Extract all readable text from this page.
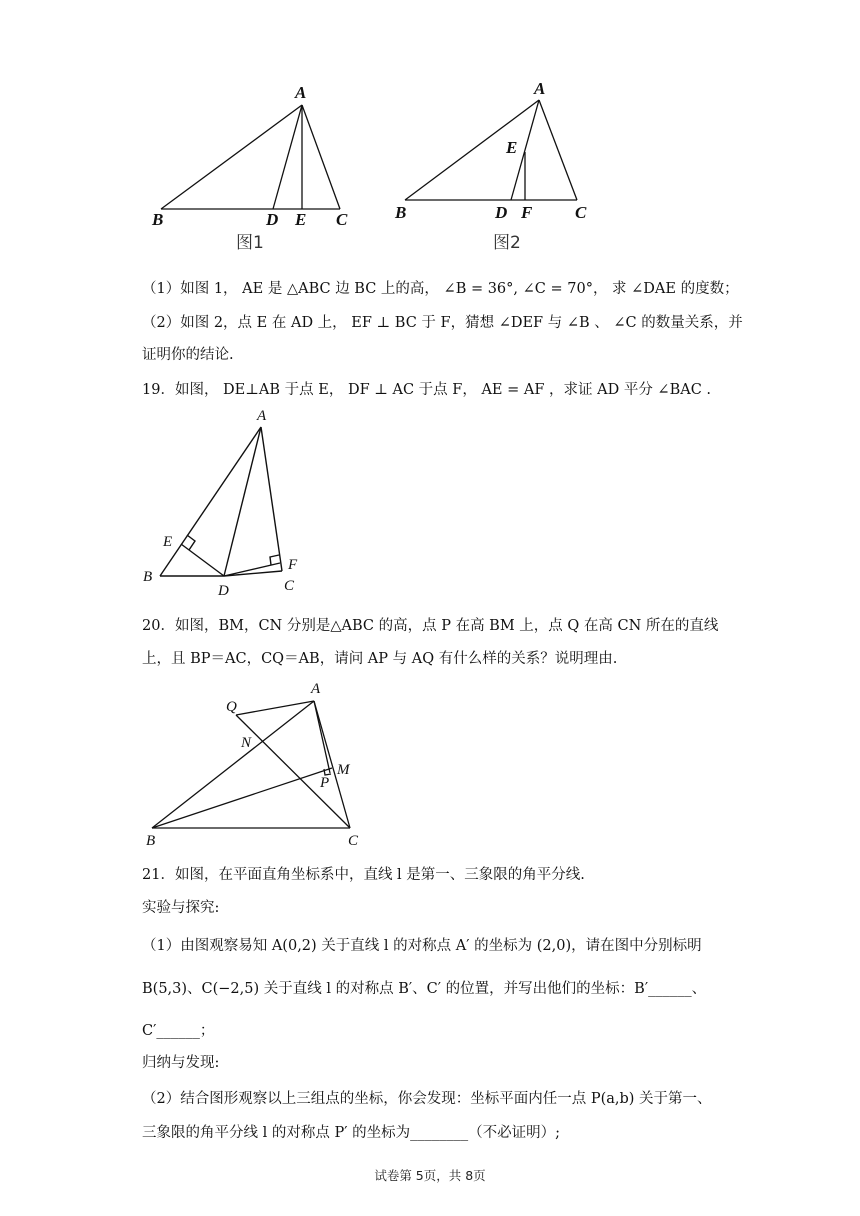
A
B	D E C
图1
A
E
B	D F	C
图2
（1）如图 1， AE 是 △ABC 边 BC 上的高， ∠B = 36°, ∠C = 70°， 求 ∠DAE 的度数；
（2）如图 2，点 E 在 AD 上， EF ⊥ BC 于 F，猜想 ∠DEF 与 ∠B 、 ∠C 的数量关系，并
证明你的结论.
19．如图， DE⊥AB 于点 E， DF ⊥ AC 于点 F， AE = AF ，求证 AD 平分 ∠BAC .
A
E
F
B
D	C
20．如图，BM，CN 分别是△ABC 的高，点 P 在高 BM 上，点 Q 在高 CN 所在的直线
上，且 BP＝AC，CQ＝AB，请问 AP 与 AQ 有什么样的关系？说明理由.
A
Q
N
M
P
B	C
21．如图，在平面直角坐标系中，直线 l 是第一、三象限的角平分线.
实验与探究:
（1）由图观察易知 A(0,2) 关于直线 l 的对称点 A′ 的坐标为 (2,0)，请在图中分别标明
B(5,3)、C(−2,5) 关于直线 l 的对称点 B′、C′ 的位置，并写出他们的坐标：B′______、
C′______；
归纳与发现:
（2）结合图形观察以上三组点的坐标，你会发现：坐标平面内任一点 P(a,b) 关于第一、
三象限的角平分线 l 的对称点 P′ 的坐标为________（不必证明）;
试卷第 5页，共 8页
